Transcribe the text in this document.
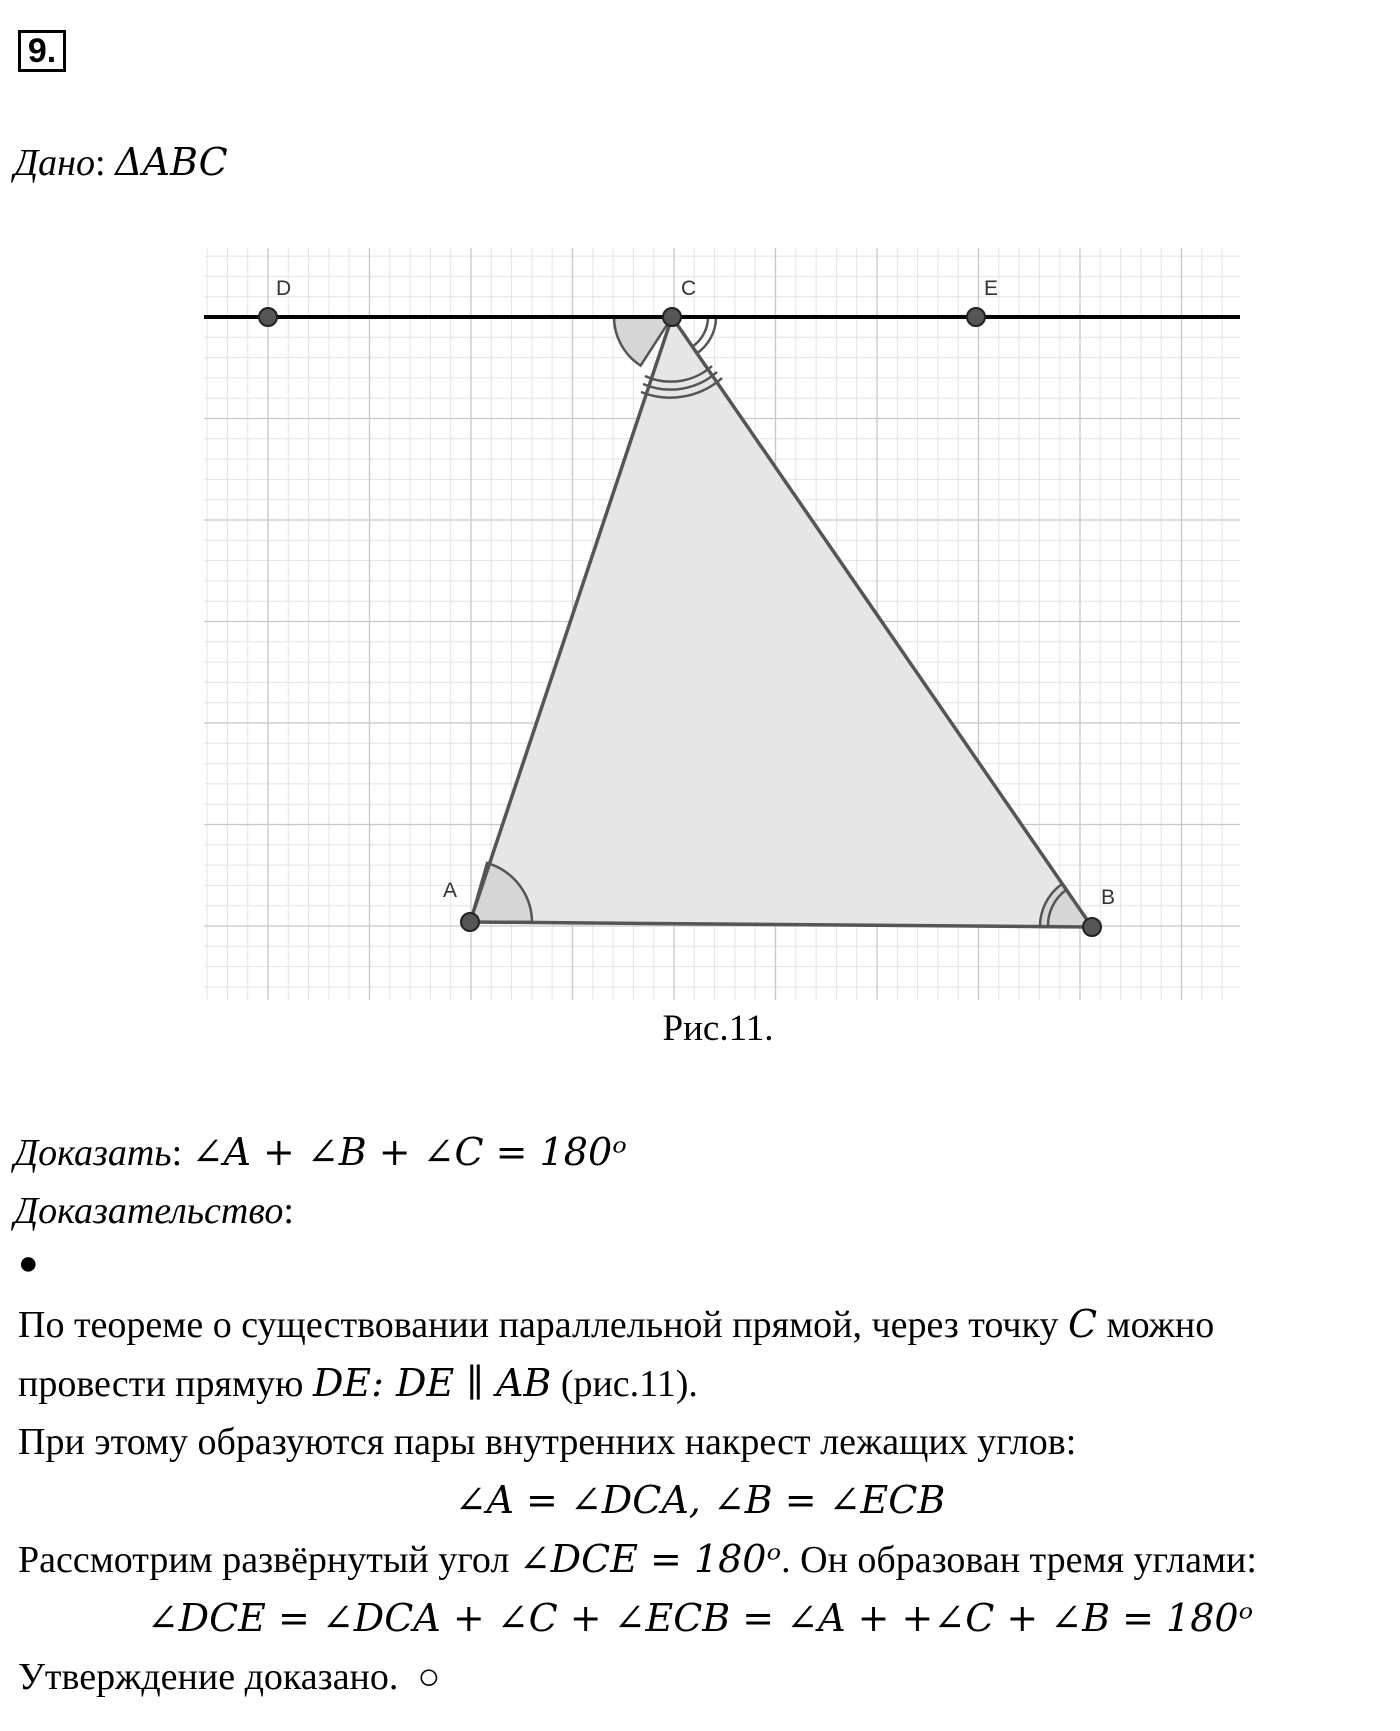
9.
Дано: ΔABC
D	C	E
A	B
Рис.11.
Доказать: ∠A + ∠B + ∠C = 180ᵒ
Доказательство:
●
По теореме о существовании параллельной прямой, через точку C можно
провести прямую DE: DE ∥ AB (рис.11).
При этому образуются пары внутренних накрест лежащих углов:
∠A = ∠DCA, ∠B = ∠ECB
Рассмотрим развёрнутый угол ∠DCE = 180ᵒ. Он образован тремя углами:
∠DCE = ∠DCA + ∠C + ∠ECB = ∠A + +∠C + ∠B = 180ᵒ
Утверждение доказано. ○
